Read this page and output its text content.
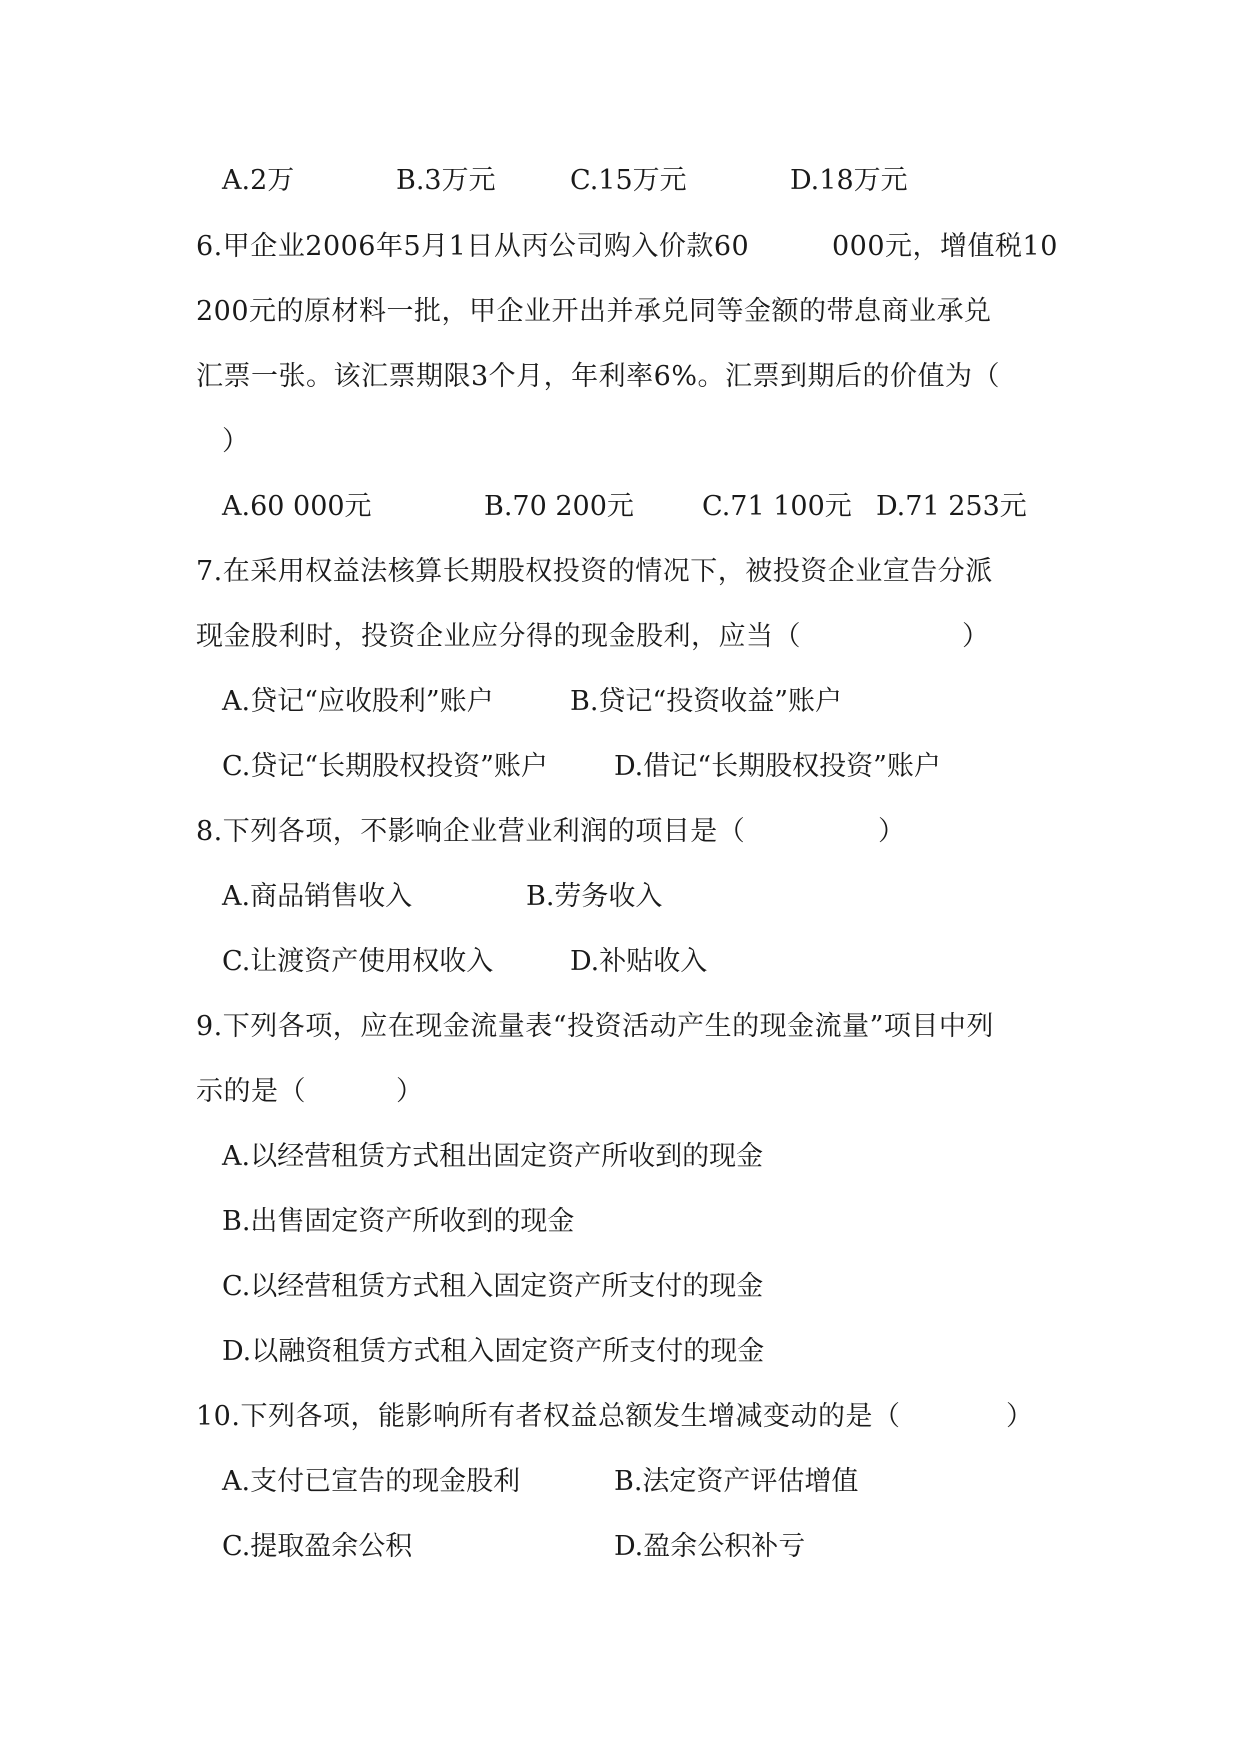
A.2万	B.3万元	C.15万元	D.18万元
6.甲企业2006年5月1日从丙公司购入价款60	000元，增值税10
200元的原材料一批，甲企业开出并承兑同等金额的带息商业承兑
汇票一张。该汇票期限3个月，年利率6%。汇票到期后的价值为（
）
A.60 000元	B.70 200元	C.71 100元 D.71 253元
7.在采用权益法核算长期股权投资的情况下，被投资企业宣告分派
现金股利时，投资企业应分得的现金股利，应当（	）
A.贷记“应收股利”账户	B.贷记“投资收益”账户
C.贷记“长期股权投资”账户 D.借记“长期股权投资”账户
8.下列各项，不影响企业营业利润的项目是（	）
A.商品销售收入	B.劳务收入
C.让渡资产使用权收入	D.补贴收入
9.下列各项，应在现金流量表“投资活动产生的现金流量”项目中列
示的是（	）
A.以经营租赁方式租出固定资产所收到的现金
B.出售固定资产所收到的现金
C.以经营租赁方式租入固定资产所支付的现金
D.以融资租赁方式租入固定资产所支付的现金
10.下列各项，能影响所有者权益总额发生增减变动的是（	）
A.支付已宣告的现金股利	B.法定资产评估增值
C.提取盈余公积	D.盈余公积补亏
